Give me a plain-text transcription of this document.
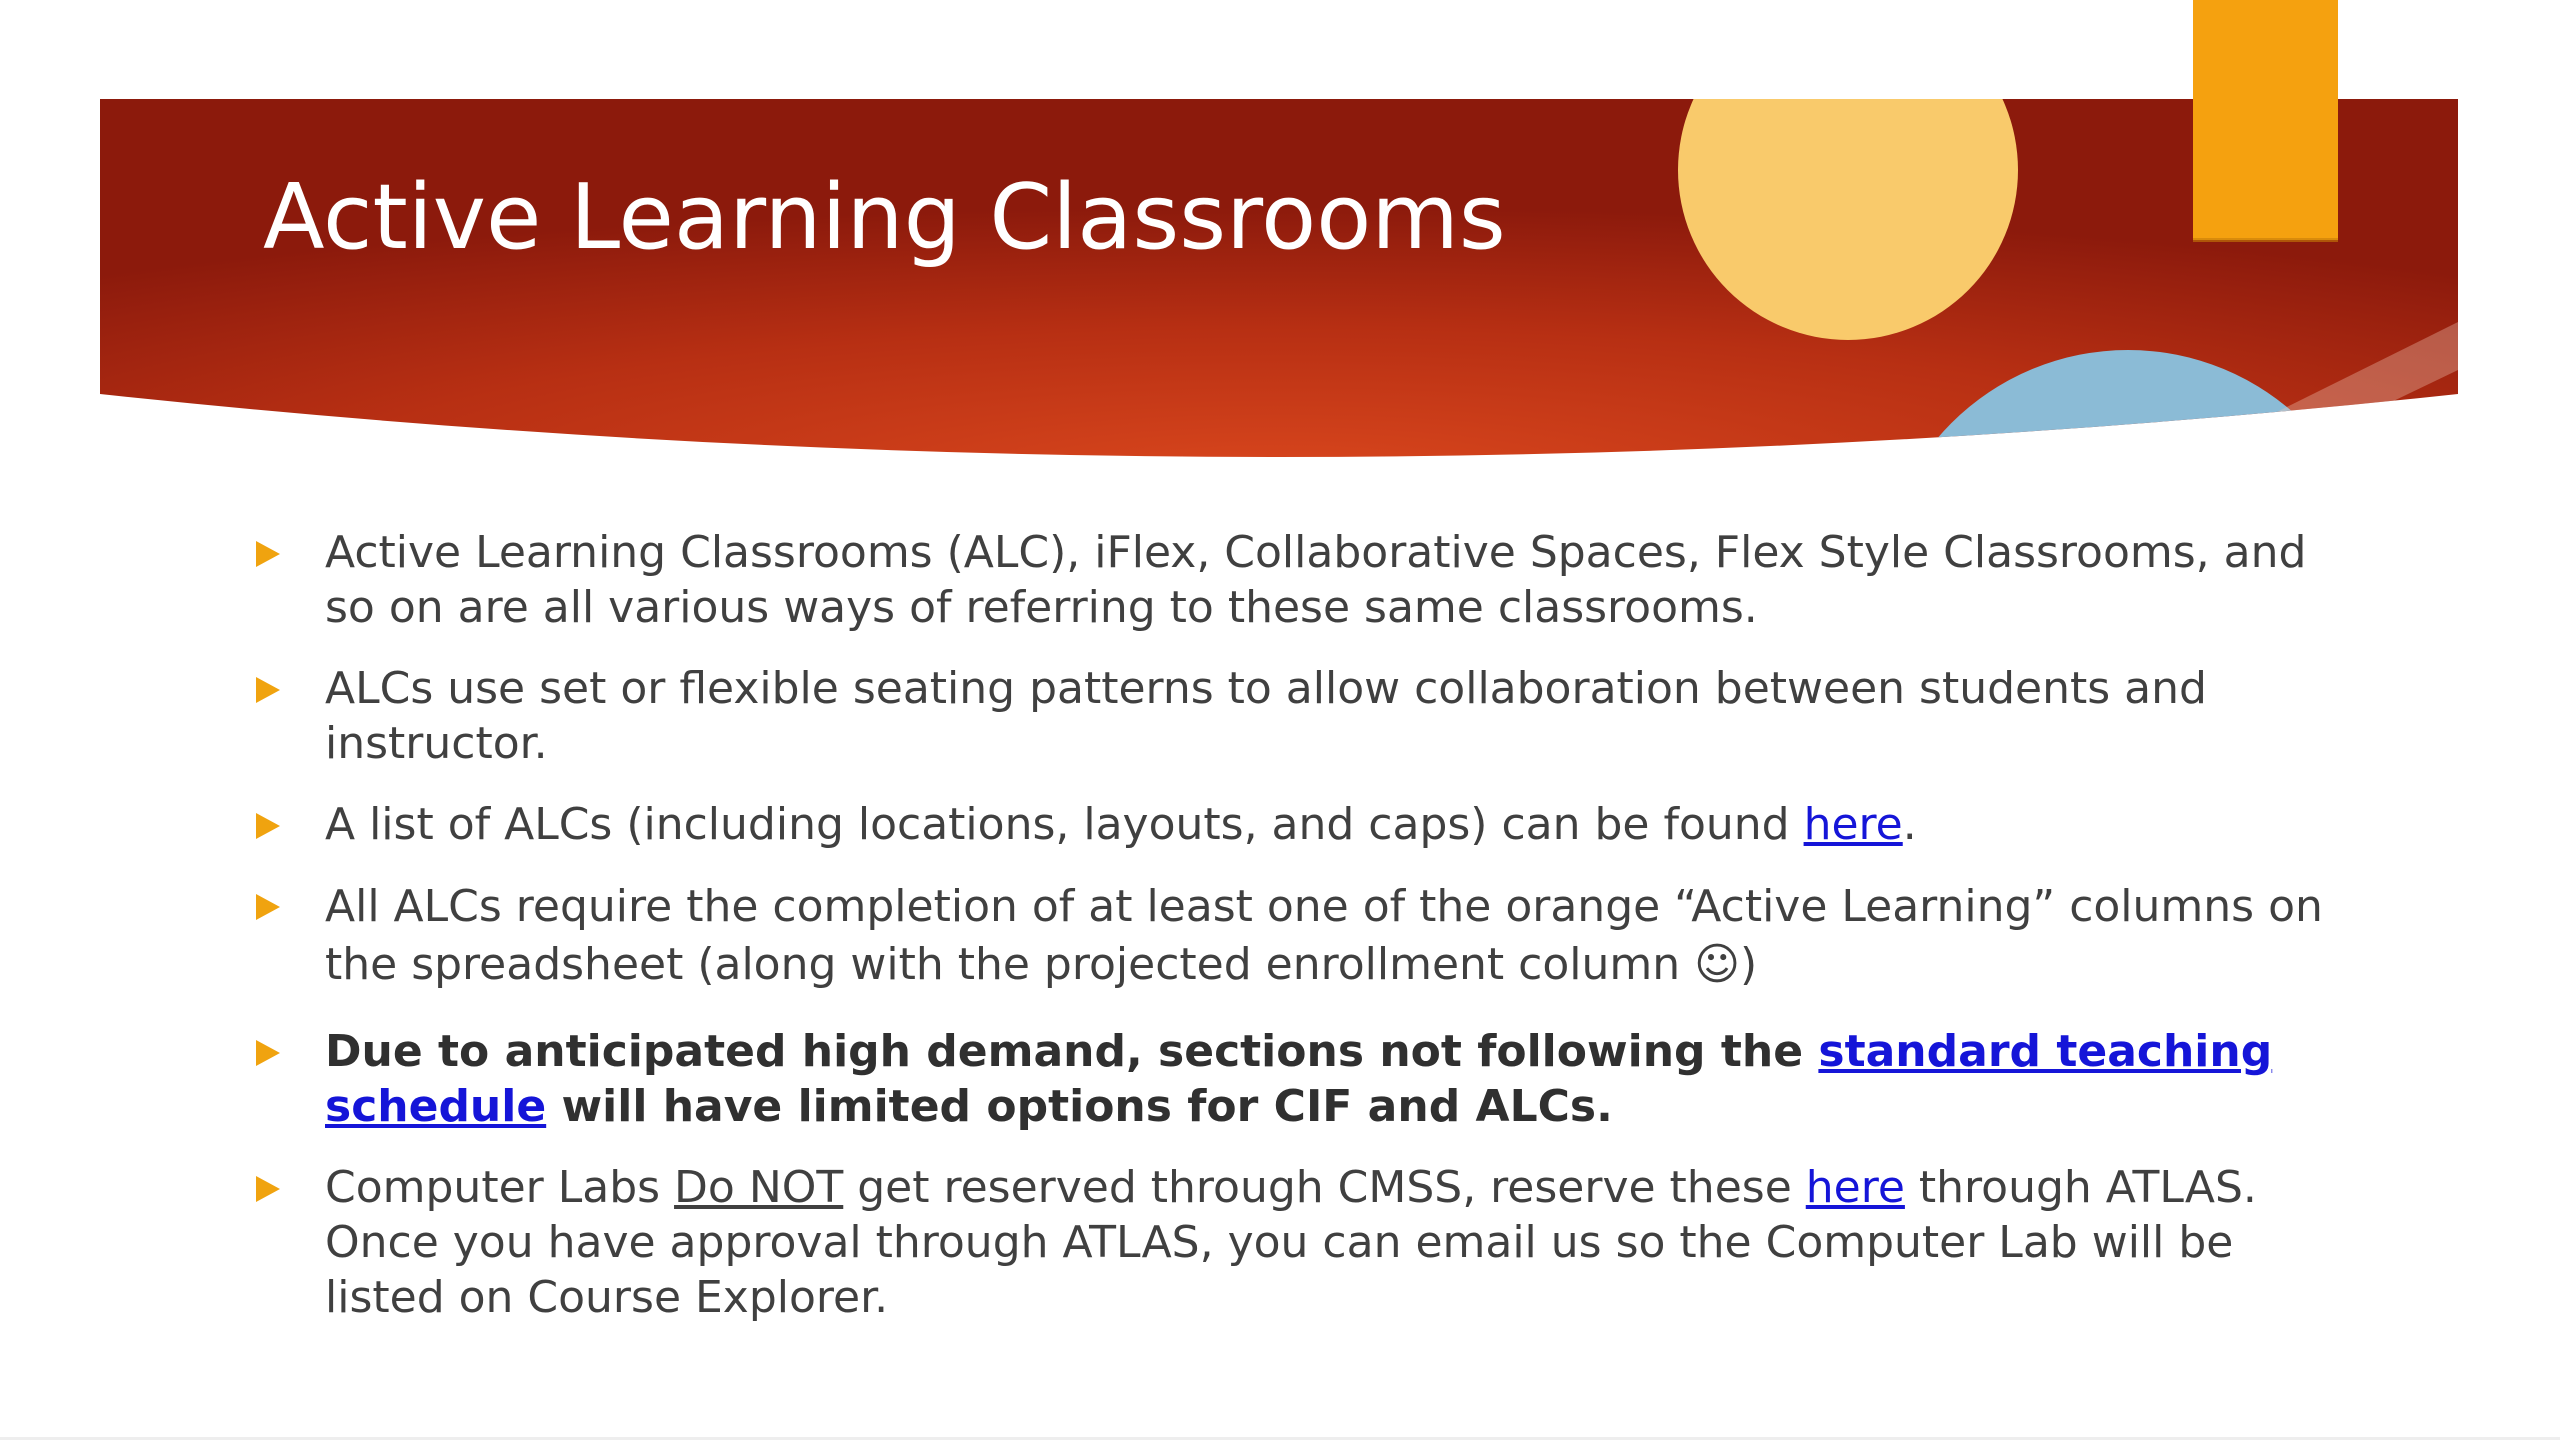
Active Learning Classrooms
Active Learning Classrooms (ALC), iFlex, Collaborative Spaces, Flex Style Classrooms, and so on are all various ways of referring to these same classrooms.
ALCs use set or flexible seating patterns to allow collaboration between students and instructor.
A list of ALCs (including locations, layouts, and caps) can be found here.
All ALCs require the completion of at least one of the orange “Active Learning” columns on the spreadsheet (along with the projected enrollment column ☺)
Due to anticipated high demand, sections not following the standard teaching schedule will have limited options for CIF and ALCs.
Computer Labs Do NOT get reserved through CMSS, reserve these here through ATLAS. Once you have approval through ATLAS, you can email us so the Computer Lab will be listed on Course Explorer.
